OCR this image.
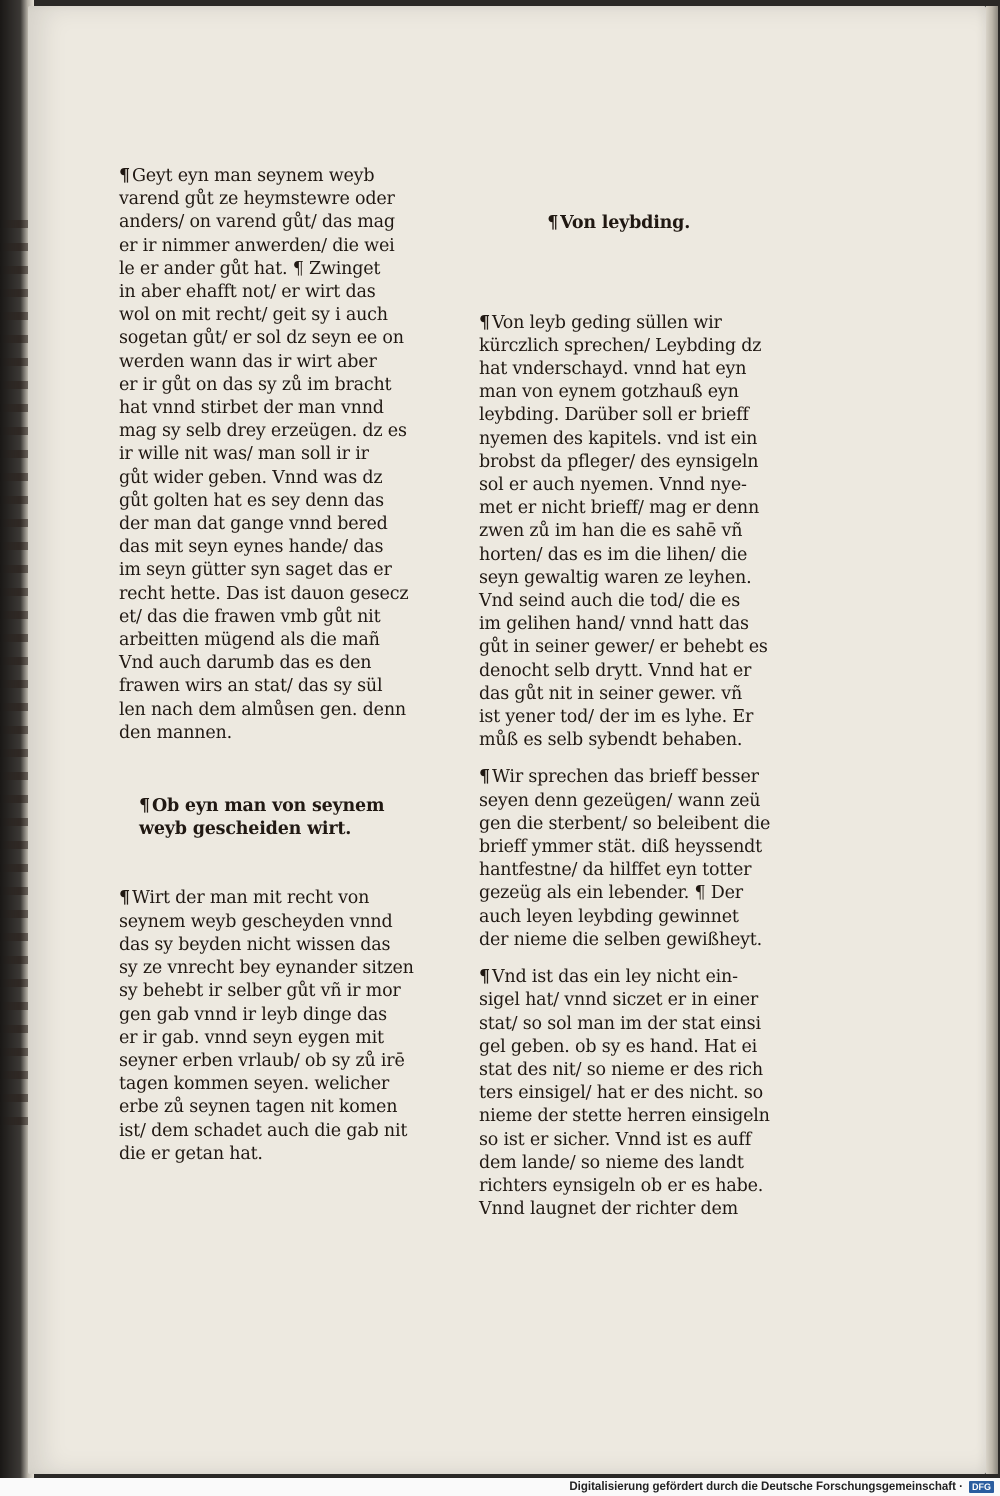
¶ Geyt eyn man seynem weyb

varend gůt ze heymstewre oder

anders/ on varend gůt/ das mag

er ir nimmer anwerden/ die wei

le er ander gůt hat. ¶ Zwinget

in aber ehafft not/ er wirt das

wol on mit recht/ geit sy i auch

sogetan gůt/ er sol dz seyn ee on

werden wann das ir wirt aber

er ir gůt on das sy zů im bracht

hat vnnd stirbet der man vnnd

mag sy selb drey erzeügen. dz es

ir wille nit was/ man soll ir ir

gůt wider geben. Vnnd was dz

gůt golten hat es sey denn das

der man dat gange vnnd bered

das mit seyn eynes hande/ das

im seyn gütter syn saget das er

recht hette. Das ist dauon gesecz

et/ das die frawen vmb gůt nit

arbeitten mügend als die mañ

Vnd auch darumb das es den

frawen wirs an stat/ das sy sül

len nach dem almůsen gen. denn

den mannen.

¶ Ob eyn man von seynem

weyb gescheiden wirt.

¶ Wirt der man mit recht von

seynem weyb gescheyden vnnd

das sy beyden nicht wissen das

sy ze vnrecht bey eynander sitzen

sy behebt ir selber gůt vñ ir mor

gen gab vnnd ir leyb dinge das

er ir gab. vnnd seyn eygen mit

seyner erben vrlaub/ ob sy zů irē

tagen kommen seyen. welicher

erbe zů seynen tagen nit komen

ist/ dem schadet auch die gab nit

die er getan hat.

¶ Von leybding.

¶ Von leyb geding süllen wir

kürczlich sprechen/ Leybding dz

hat vnderschayd. vnnd hat eyn

man von eynem gotzhauß eyn

leybding. Darüber soll er brieff

nyemen des kapitels. vnd ist ein

brobst da pfleger/ des eynsigeln

sol er auch nyemen. Vnnd nye-

met er nicht brieff/ mag er denn

zwen zů im han die es sahē vñ

horten/ das es im die lihen/ die

seyn gewaltig waren ze leyhen.

Vnd seind auch die tod/ die es

im gelihen hand/ vnnd hatt das

gůt in seiner gewer/ er behebt es

denocht selb drytt. Vnnd hat er

das gůt nit in seiner gewer. vñ

ist yener tod/ der im es lyhe. Er

můß es selb sybendt behaben.

¶ Wir sprechen das brieff besser

seyen denn gezeügen/ wann zeü

gen die sterbent/ so beleibent die

brieff ymmer stät. diß heyssendt

hantfestne/ da hilffet eyn totter

gezeüg als ein lebender. ¶ Der

auch leyen leybding gewinnet

der nieme die selben gewißheyt.

¶ Vnd ist das ein ley nicht ein-

sigel hat/ vnnd siczet er in einer

stat/ so sol man im der stat einsi

gel geben. ob sy es hand. Hat ei

stat des nit/ so nieme er des rich

ters einsigel/ hat er des nicht. so

nieme der stette herren einsigeln

so ist er sicher. Vnnd ist es auff

dem lande/ so nieme des landt

richters eynsigeln ob er es habe.

Vnnd laugnet der richter dem

Digitalisierung gefördert durch die Deutsche Forschungsgemeinschaft ·	DFG
